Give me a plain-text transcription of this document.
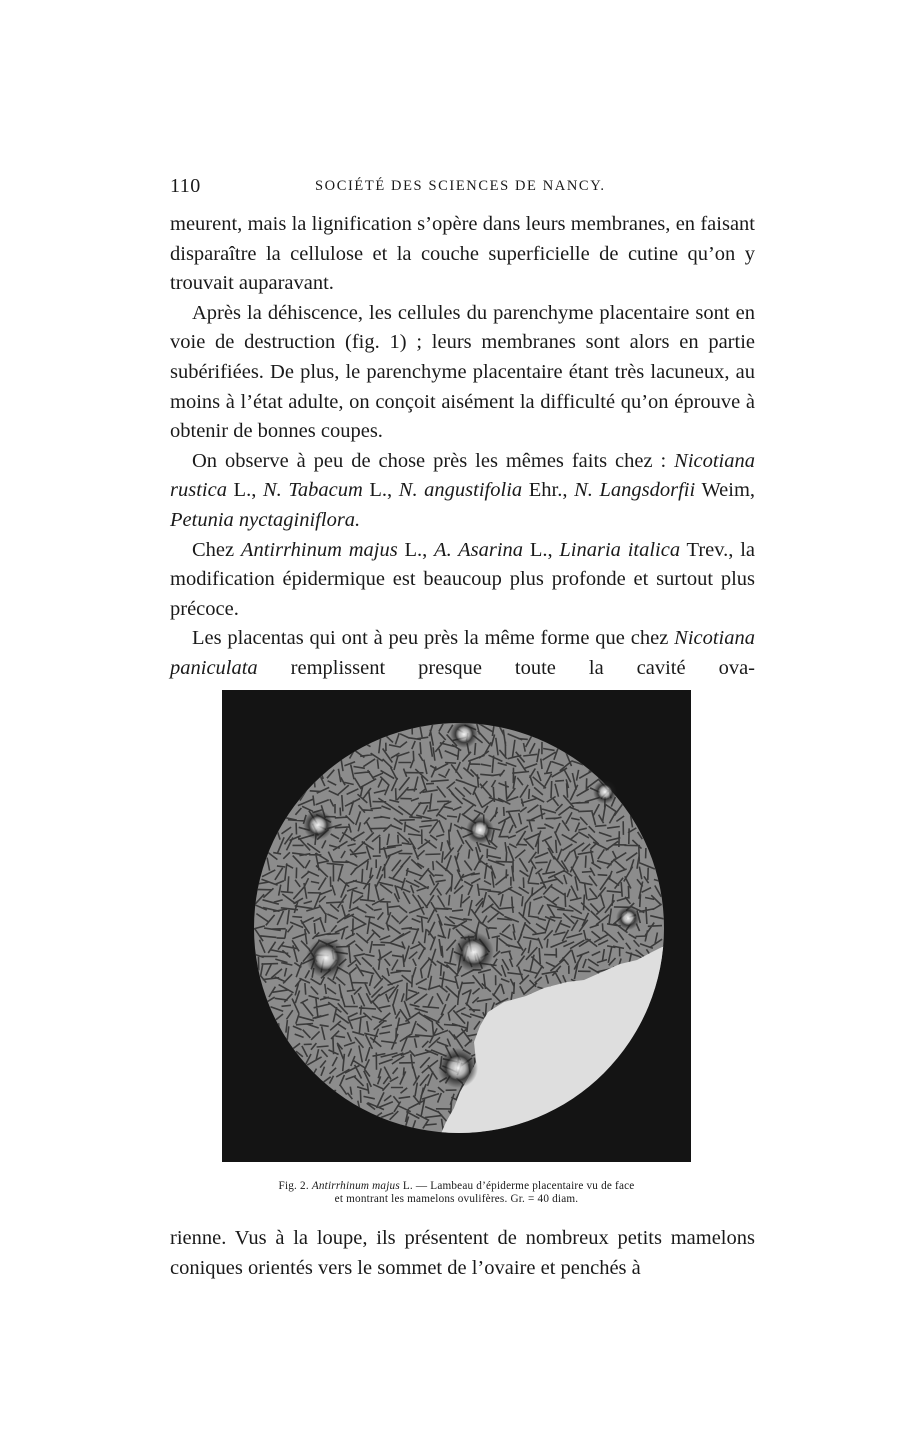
110	SOCIÉTÉ DES SCIENCES DE NANCY.

meurent, mais la lignification s’opère dans leurs membranes, en faisant disparaître la cellulose et la couche superficielle de cutine qu’on y trouvait auparavant.

Après la déhiscence, les cellules du parenchyme placentaire sont en voie de destruction (fig. 1) ; leurs membranes sont alors en partie subérifiées. De plus, le parenchyme placentaire étant très lacuneux, au moins à l’état adulte, on conçoit aisément la difficulté qu’on éprouve à obtenir de bonnes coupes.

On observe à peu de chose près les mêmes faits chez : Nicotiana rustica L., N. Tabacum L., N. angustifolia Ehr., N. Langsdorfii Weim, Petunia nyctaginiflora.

Chez Antirrhinum majus L., A. Asarina L., Linaria italica Trev., la modification épidermique est beaucoup plus profonde et surtout plus précoce.

Les placentas qui ont à peu près la même forme que chez Nicotiana paniculata remplissent presque toute la cavité ova-

Fig. 2. Antirrhinum majus L. — Lambeau d’épiderme placentaire vu de face

et montrant les mamelons ovulifères. Gr. = 40 diam.

rienne. Vus à la loupe, ils présentent de nombreux petits mamelons coniques orientés vers le sommet de l’ovaire et penchés à
